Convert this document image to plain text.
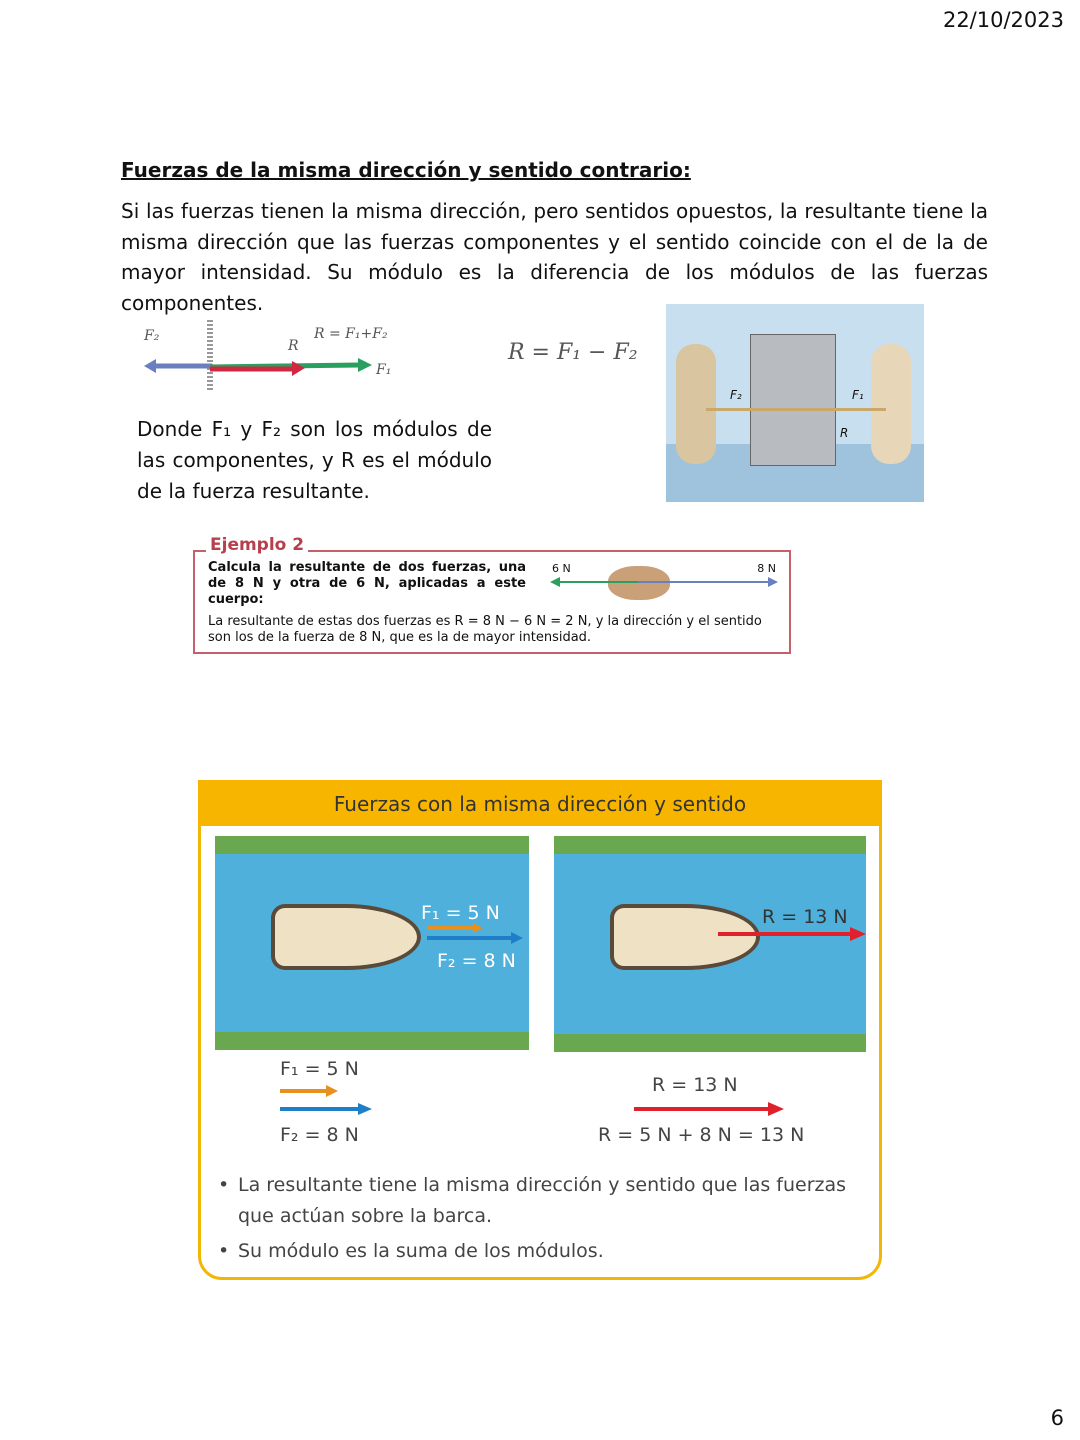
22/10/2023
Fuerzas de la misma dirección y sentido contrario:
Si las fuerzas tienen la misma dirección, pero sentidos opuestos, la resultante tiene la misma dirección que las fuerzas componentes y el sentido coincide con el de la de mayor intensidad. Su módulo es la diferencia de los módulos de las fuerzas componentes.
F₂
R
R = F₁+F₂
F₁
R = F₁ − F₂
F₂	F₁
R
Donde F₁ y F₂ son los módulos de las componentes, y R es el módulo de la fuerza resultante.
Ejemplo 2
Calcula la resultante de dos fuerzas, una de 8 N y otra de 6 N, aplicadas a este cuerpo:
6 N	8 N
La resultante de estas dos fuerzas es R = 8 N − 6 N = 2 N, y la dirección y el sentido son los de la fuerza de 8 N, que es la de mayor intensidad.
Fuerzas con la misma dirección y sentido
F₁ = 5 N
F₂ = 8 N
R = 13 N
F₁ = 5 N
F₂ = 8 N
R = 13 N
R = 5 N + 8 N = 13 N
• La resultante tiene la misma dirección y sentido que las fuerzas que actúan sobre la barca.
• Su módulo es la suma de los módulos.
6
